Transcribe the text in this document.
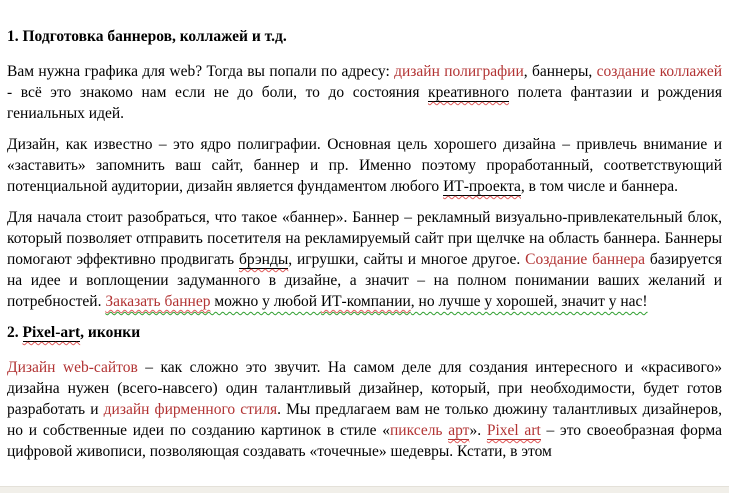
1. Подготовка баннеров, коллажей и т.д.

Вам нужна графика для web? Тогда вы попали по адресу: дизайн полиграфии, баннеры, создание коллажей - всё это знакомо нам если не до боли, то до состояния креативного полета фантазии и рождения гениальных идей.

Дизайн, как известно – это ядро полиграфии. Основная цель хорошего дизайна – привлечь внимание и «заставить» запомнить ваш сайт, баннер и пр. Именно поэтому проработанный, соответствующий потенциальной аудитории, дизайн является фундаментом любого ИТ-проекта, в том числе и баннера.

Для начала стоит разобраться, что такое «баннер». Баннер – рекламный визуально-привлекательный блок, который позволяет отправить посетителя на рекламируемый сайт при щелчке на область баннера. Баннеры помогают эффективно продвигать брэнды, игрушки, сайты и многое другое. Создание баннера базируется на идее и воплощении задуманного в дизайне, а значит – на полном понимании ваших желаний и потребностей. Заказать баннер можно у любой ИТ-компании, но лучше у хорошей, значит у нас!

2. Pixel-art, иконки

Дизайн web-сайтов – как сложно это звучит. На самом деле для создания интересного и «красивого» дизайна нужен (всего-навсего) один талантливый дизайнер, который, при необходимости, будет готов разработать и дизайн фирменного стиля. Мы предлагаем вам не только дюжину талантливых дизайнеров, но и собственные идеи по созданию картинок в стиле «пиксель арт». Pixel art – это своеобразная форма цифровой живописи, позволяющая создавать «точечные» шедевры. Кстати, в этом
